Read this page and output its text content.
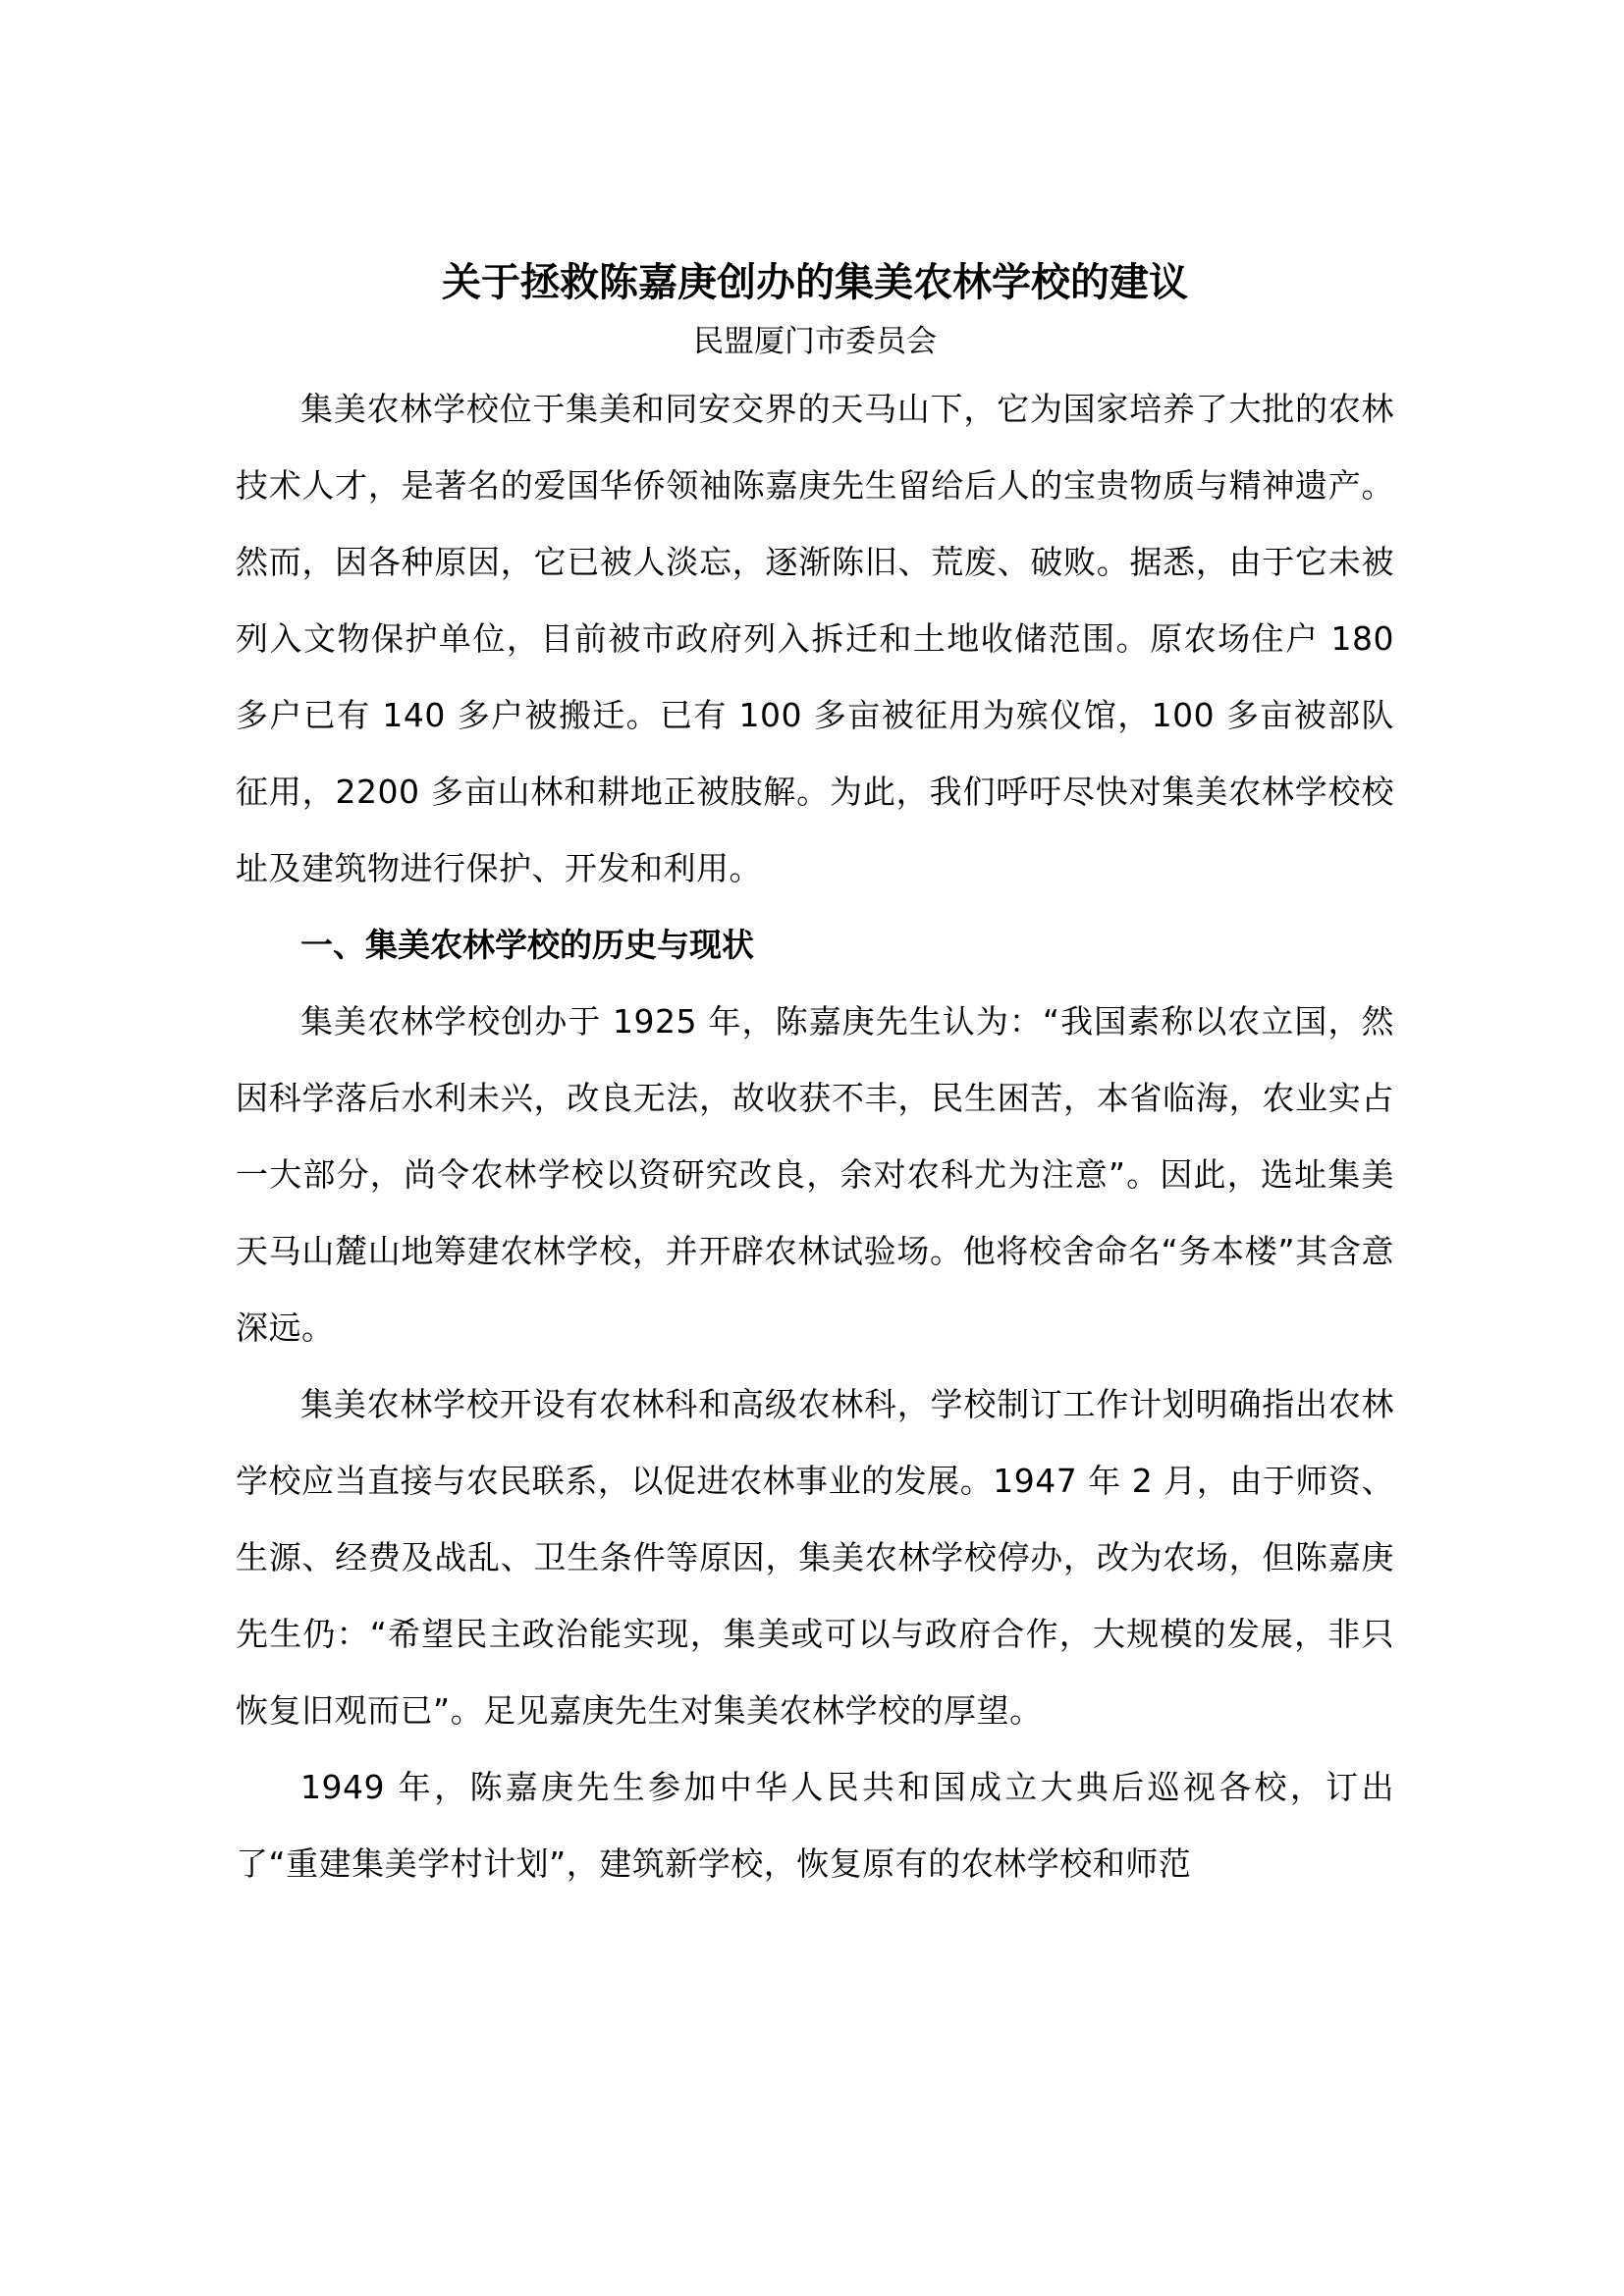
关于拯救陈嘉庚创办的集美农林学校的建议

民盟厦门市委员会

集美农林学校位于集美和同安交界的天马山下，它为国家培养了大批的农林技术人才，是著名的爱国华侨领袖陈嘉庚先生留给后人的宝贵物质与精神遗产。然而，因各种原因，它已被人淡忘，逐渐陈旧、荒废、破败。据悉，由于它未被列入文物保护单位，目前被市政府列入拆迁和土地收储范围。原农场住户 180 多户已有 140 多户被搬迁。已有 100 多亩被征用为殡仪馆，100 多亩被部队征用，2200 多亩山林和耕地正被肢解。为此，我们呼吁尽快对集美农林学校校址及建筑物进行保护、开发和利用。

一、集美农林学校的历史与现状

集美农林学校创办于 1925 年，陈嘉庚先生认为：“我国素称以农立国，然因科学落后水利未兴，改良无法，故收获不丰，民生困苦，本省临海，农业实占一大部分，尚令农林学校以资研究改良，余对农科尤为注意”。因此，选址集美天马山麓山地筹建农林学校，并开辟农林试验场。他将校舍命名“务本楼”其含意深远。

集美农林学校开设有农林科和高级农林科，学校制订工作计划明确指出农林学校应当直接与农民联系，以促进农林事业的发展。1947 年 2 月，由于师资、生源、经费及战乱、卫生条件等原因，集美农林学校停办，改为农场，但陈嘉庚先生仍：“希望民主政治能实现，集美或可以与政府合作，大规模的发展，非只恢复旧观而已”。足见嘉庚先生对集美农林学校的厚望。

1949 年，陈嘉庚先生参加中华人民共和国成立大典后巡视各校，订出了“重建集美学村计划”，建筑新学校，恢复原有的农林学校和师范
